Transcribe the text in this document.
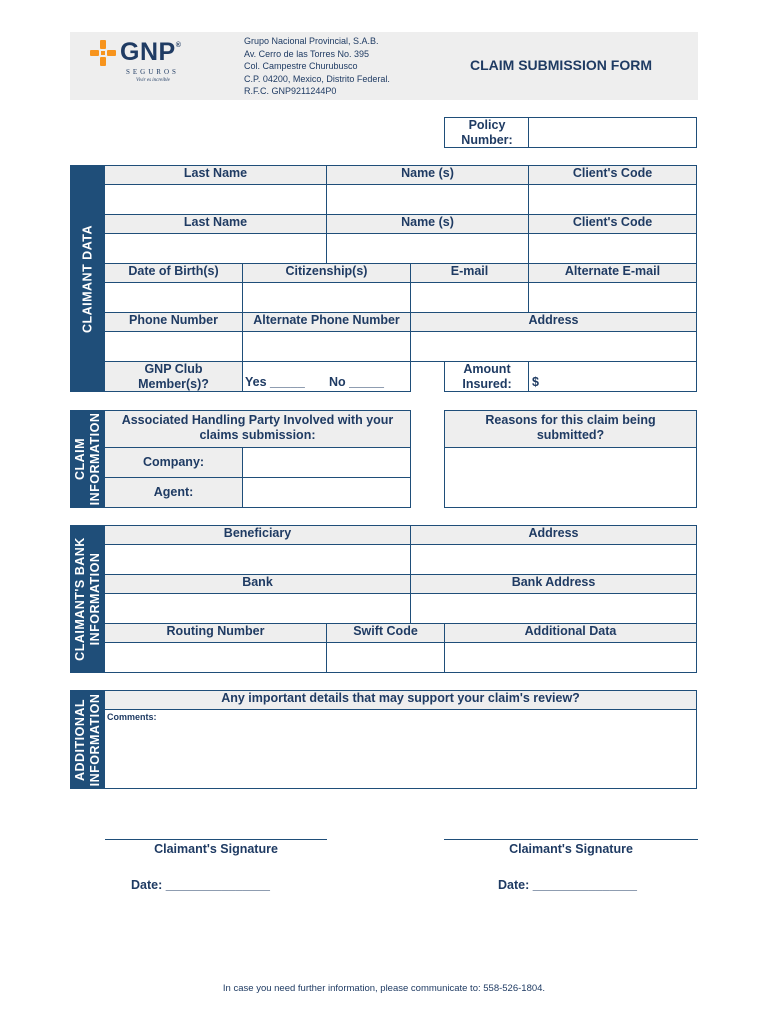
GNP®
SEGUROS
Vivir es increíble
Grupo Nacional Provincial, S.A.B.
Av. Cerro de las Torres No. 395
Col. Campestre Churubusco
C.P. 04200, Mexico, Distrito Federal.
R.F.C. GNP9211244P0
CLAIM SUBMISSION FORM
Policy
Number:
CLAIMANT DATA
Last Name	Name (s)	Client's Code
Last Name	Name (s)	Client's Code
Date of Birth(s)	Citizenship(s)	E-mail	Alternate E-mail
Phone Number	Alternate Phone Number	Address
GNP Club
Member(s)?	Yes _____ No _____
Amount
Insured:	$
CLAIM INFORMATION	Associated Handling Party Involved with your
claims submission:
Company:
Agent:
Reasons for this claim being
submitted?
CLAIMANT'S BANK INFORMATION
Beneficiary	Address
Bank	Bank Address
Routing Number	Swift Code	Additional Data
ADDITIONAL INFORMATION	Any important details that may support your claim's review?
Comments:
Claimant's Signature
Date: _______________
Claimant's Signature
Date: _______________
In case you need further information, please communicate to: 558-526-1804.
